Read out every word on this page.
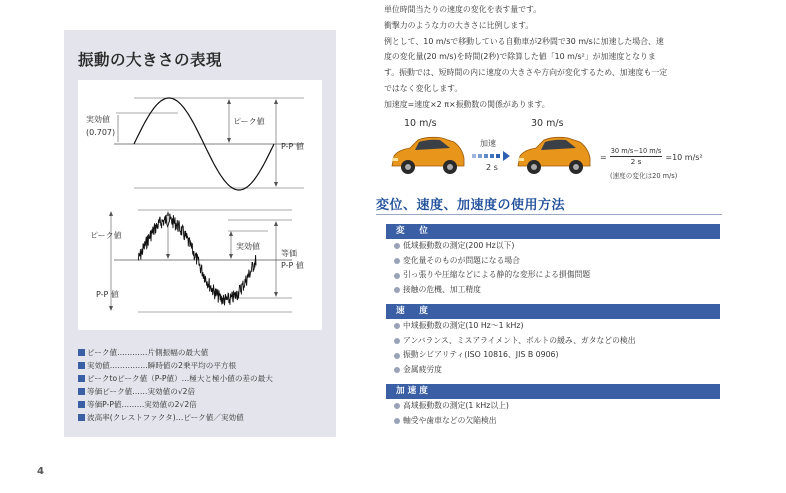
振動の大きさの表現
実効値
(0.707)
ピーク値
P-P 値
ピーク値
実効値
等価
P-P 値
P-P 値
ピーク値…………片側振幅の最大値
実効値……………瞬時値の2乗平均の平方根
ピークtoピーク値（P-P値）…極大と極小値の差の最大
等価ピーク値……実効値の√2倍
等価P-P値………実効値の2√2倍
波高率(クレストファクタ)…ピーク値／実効値
単位時間当たりの速度の変化を表す量です。
衝撃力のような力の大きさに比例します。
例として、10 m/sで移動している自動車が2秒間で30 m/sに加速した場合、速
度の変化量(20 m/s)を時間(2秒)で除算した値「10 m/s²」が加速度となりま
す。振動では、短時間の内に速度の大きさや方向が変化するため、加速度も一定
ではなく変化します。
加速度=速度×2 π×振動数の関係があります。
10 m/s	30 m/s
加速
2 s
= $\frac{30 m/s-10 m/s}{2 s} =10$ m/s²
(速度の変化は20 m/s)
変位、速度、加速度の使用方法
変　位
低域振動数の測定(200 Hz以下)
変化量そのものが問題になる場合
引っ張りや圧縮などによる静的な変形による損傷問題
接触の危機、加工精度
速　度
中域振動数の測定(10 Hz〜1 kHz)
アンバランス、ミスアライメント、ボルトの緩み、ガタなどの検出
振動シビアリティ(ISO 10816、JIS B 0906)
金属疲労度
加速度
高域振動数の測定(1 kHz以上)
軸受や歯車などの欠陥検出
4
